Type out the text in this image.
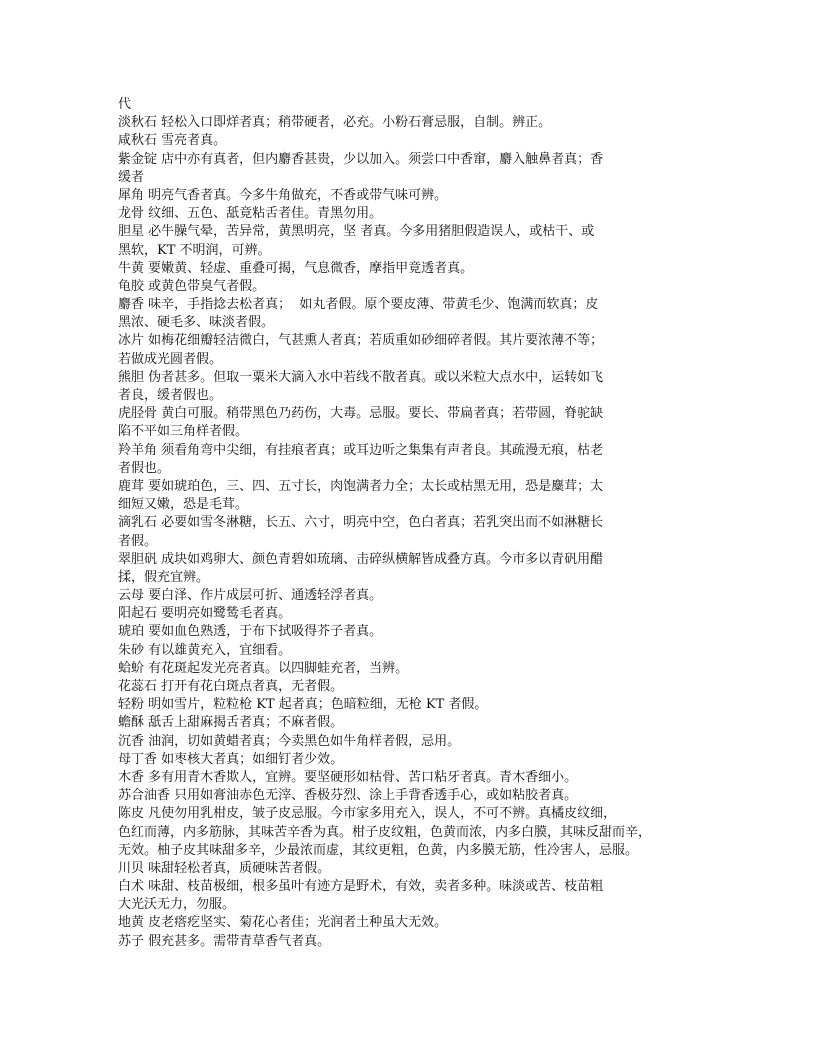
代
淡秋石 轻松入口即烊者真；稍带硬者，必充。小粉石膏忌服，自制。辨正。
咸秋石 雪亮者真。
紫金锭 店中亦有真者，但内麝香甚贵，少以加入。须尝口中香窜，麝入触鼻者真；香
缓者
犀角 明亮气香者真。今多牛角做充，不香或带气味可辨。
龙骨 纹细、五色、舐竟粘舌者佳。青黑勿用。
胆星 必牛臊气晕，苦异常，黄黑明亮，坚 者真。今多用猪胆假造误人，或枯干、或
黑软，KT 不明润，可辨。
牛黄 要嫩黄、轻虚、重叠可揭，气息微香，摩指甲竟透者真。
龟胶 或黄色带臭气者假。
麝香 味辛，手指捻去松者真；  如丸者假。原个要皮薄、带黄毛少、饱满而软真；皮
黑浓、硬毛多、味淡者假。
冰片 如梅花细瓣轻洁微白，气甚熏人者真；若质重如砂细碎者假。其片要浓薄不等；
若做成光圆者假。
熊胆 伪者甚多。但取一粟米大滴入水中若线不散者真。或以米粒大点水中，运转如飞
者良，缓者假也。
虎胫骨 黄白可服。稍带黑色乃药伤，大毒。忌服。要长、带扁者真；若带圆，脊驼缺
陷不平如三角样者假。
羚羊角 须看角弯中尖细，有挂痕者真；或耳边听之集集有声者良。其疏漫无痕，枯老
者假也。
鹿茸 要如琥珀色，三、四、五寸长，肉饱满者力全；太长或枯黑无用，恐是麋茸；太
细短又嫩，恐是毛茸。
滴乳石 必要如雪冬淋糖，长五、六寸，明亮中空，色白者真；若乳突出而不如淋糖长
者假。
翠胆矾 成块如鸡卵大、颜色青碧如琉璃、击碎纵横解皆成叠方真。今市多以青矾用醋
揉，假充宜辨。
云母 要白泽、作片成层可折、通透轻浮者真。
阳起石 要明亮如鹭鸶毛者真。
琥珀 要如血色熟透，于布下拭吸得芥子者真。
朱砂 有以雄黄充入，宜细看。
蛤蚧 有花斑起发光亮者真。以四脚蛙充者，当辨。
花蕊石 打开有花白斑点者真，无者假。
轻粉 明如雪片，粒粒枪 KT 起者真；色暗粒细，无枪 KT 者假。
蟾酥 舐舌上甜麻揭舌者真；不麻者假。
沉香 油润，切如黄蜡者真；今卖黑色如牛角样者假，忌用。
母丁香 如枣核大者真；如细钉者少效。
木香 多有用青木香欺人，宜辨。要坚硬形如枯骨、苦口粘牙者真。青木香细小。
苏合油香 只用如膏油赤色无滓、香极芬烈、涂上手背香透手心，或如粘胶者真。
陈皮 凡使勿用乳柑皮，皱子皮忌服。今市家多用充入，误人，不可不辨。真橘皮纹细，
色红而薄，内多筋脉，其味苦辛香为真。柑子皮纹粗，色黄而浓，内多白膜，其味反甜而辛，
无效。柚子皮其味甜多辛，少最浓而虚，其纹更粗，色黄，内多膜无筋，性冷害人，忌服。
川贝 味甜轻松者真，质硬味苦者假。
白术 味甜、枝苗极细，根多虽叶有迹方是野术，有效，卖者多种。味淡或苦、枝苗粗
大光沃无力，勿服。
地黄 皮老瘩疙坚实、菊花心者佳；光润者土种虽大无效。
苏子 假充甚多。需带青草香气者真。
